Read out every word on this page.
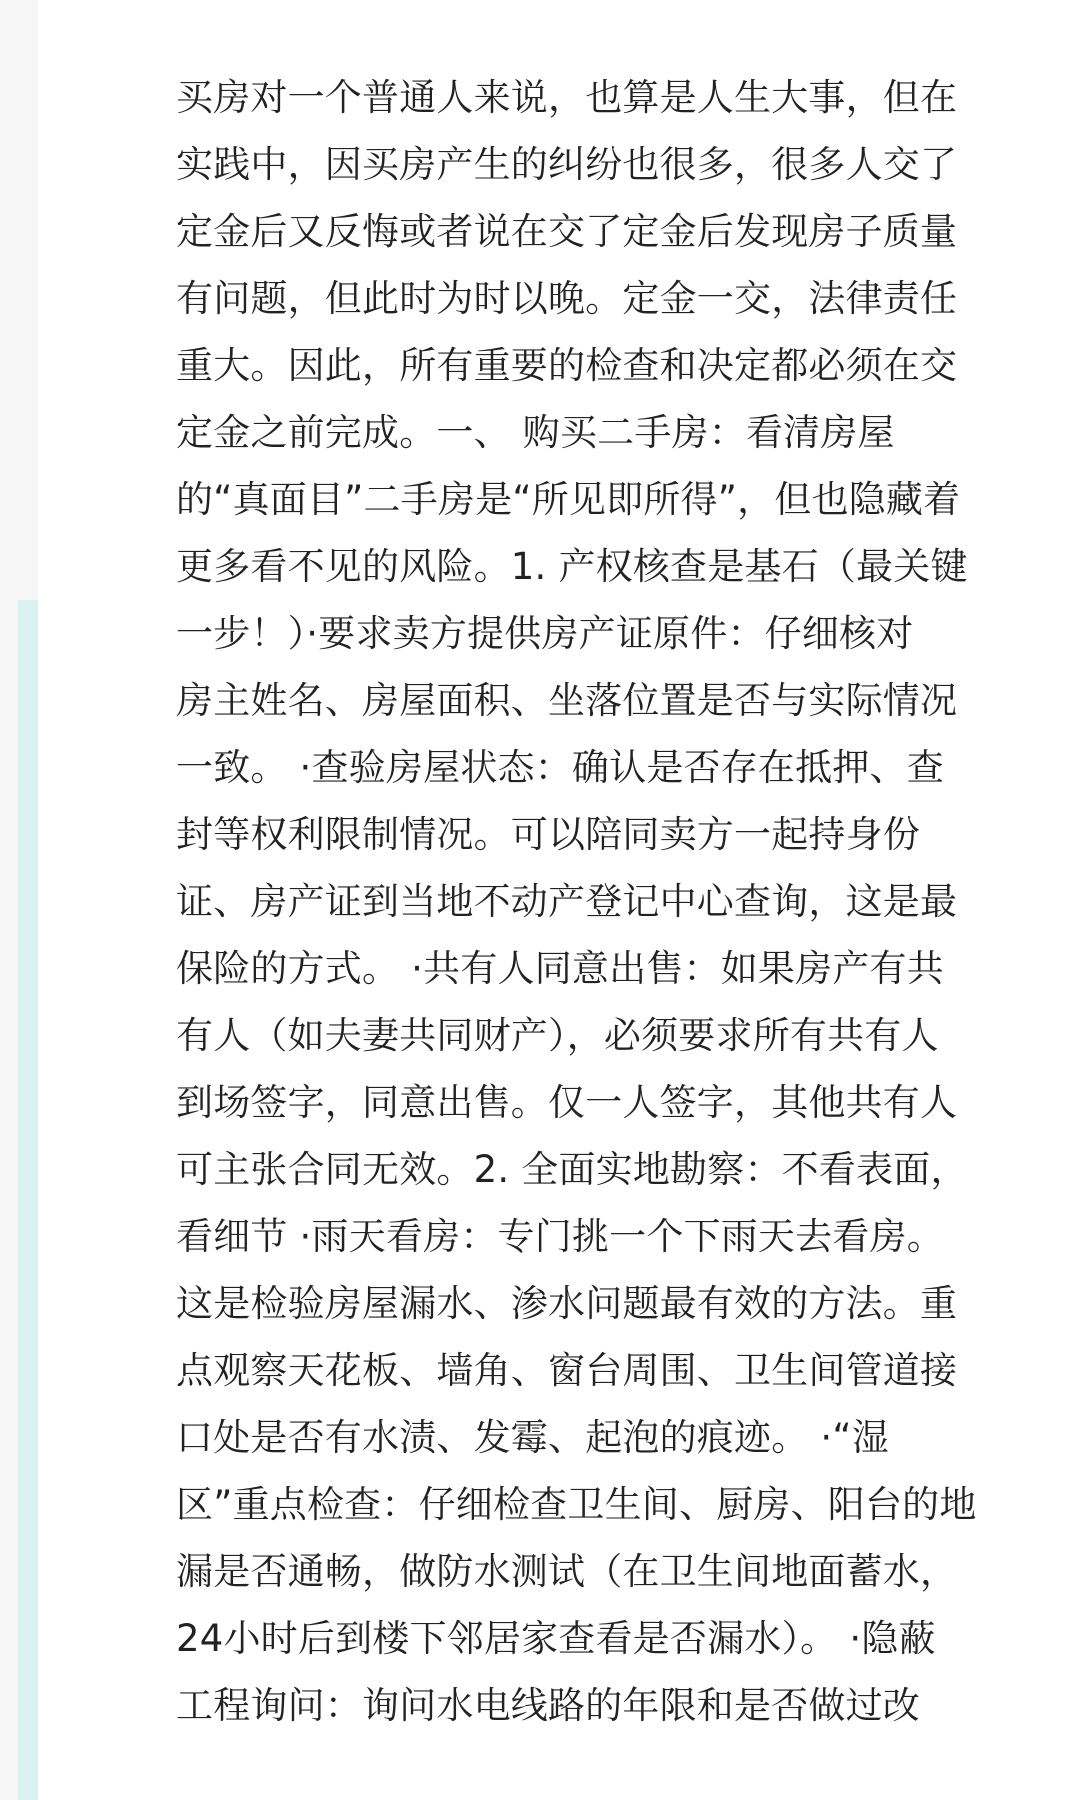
买房对一个普通人来说，也算是人生大事，但在
实践中，因买房产生的纠纷也很多，很多人交了
定金后又反悔或者说在交了定金后发现房子质量
有问题，但此时为时以晚。定金一交，法律责任
重大。因此，所有重要的检查和决定都必须在交
定金之前完成。一、 购买二手房：看清房屋
的“真面目”二手房是“所见即所得”，但也隐藏着
更多看不见的风险。1. 产权核查是基石（最关键
一步！）·要求卖方提供房产证原件：仔细核对
房主姓名、房屋面积、坐落位置是否与实际情况
一致。 ·查验房屋状态：确认是否存在抵押、查
封等权利限制情况。可以陪同卖方一起持身份
证、房产证到当地不动产登记中心查询，这是最
保险的方式。 ·共有人同意出售：如果房产有共
有人（如夫妻共同财产），必须要求所有共有人
到场签字，同意出售。仅一人签字，其他共有人
可主张合同无效。2. 全面实地勘察：不看表面，
看细节 ·雨天看房：专门挑一个下雨天去看房。
这是检验房屋漏水、渗水问题最有效的方法。重
点观察天花板、墙角、窗台周围、卫生间管道接
口处是否有水渍、发霉、起泡的痕迹。 ·“湿
区”重点检查：仔细检查卫生间、厨房、阳台的地
漏是否通畅，做防水测试（在卫生间地面蓄水，
24小时后到楼下邻居家查看是否漏水）。 ·隐蔽
工程询问：询问水电线路的年限和是否做过改
